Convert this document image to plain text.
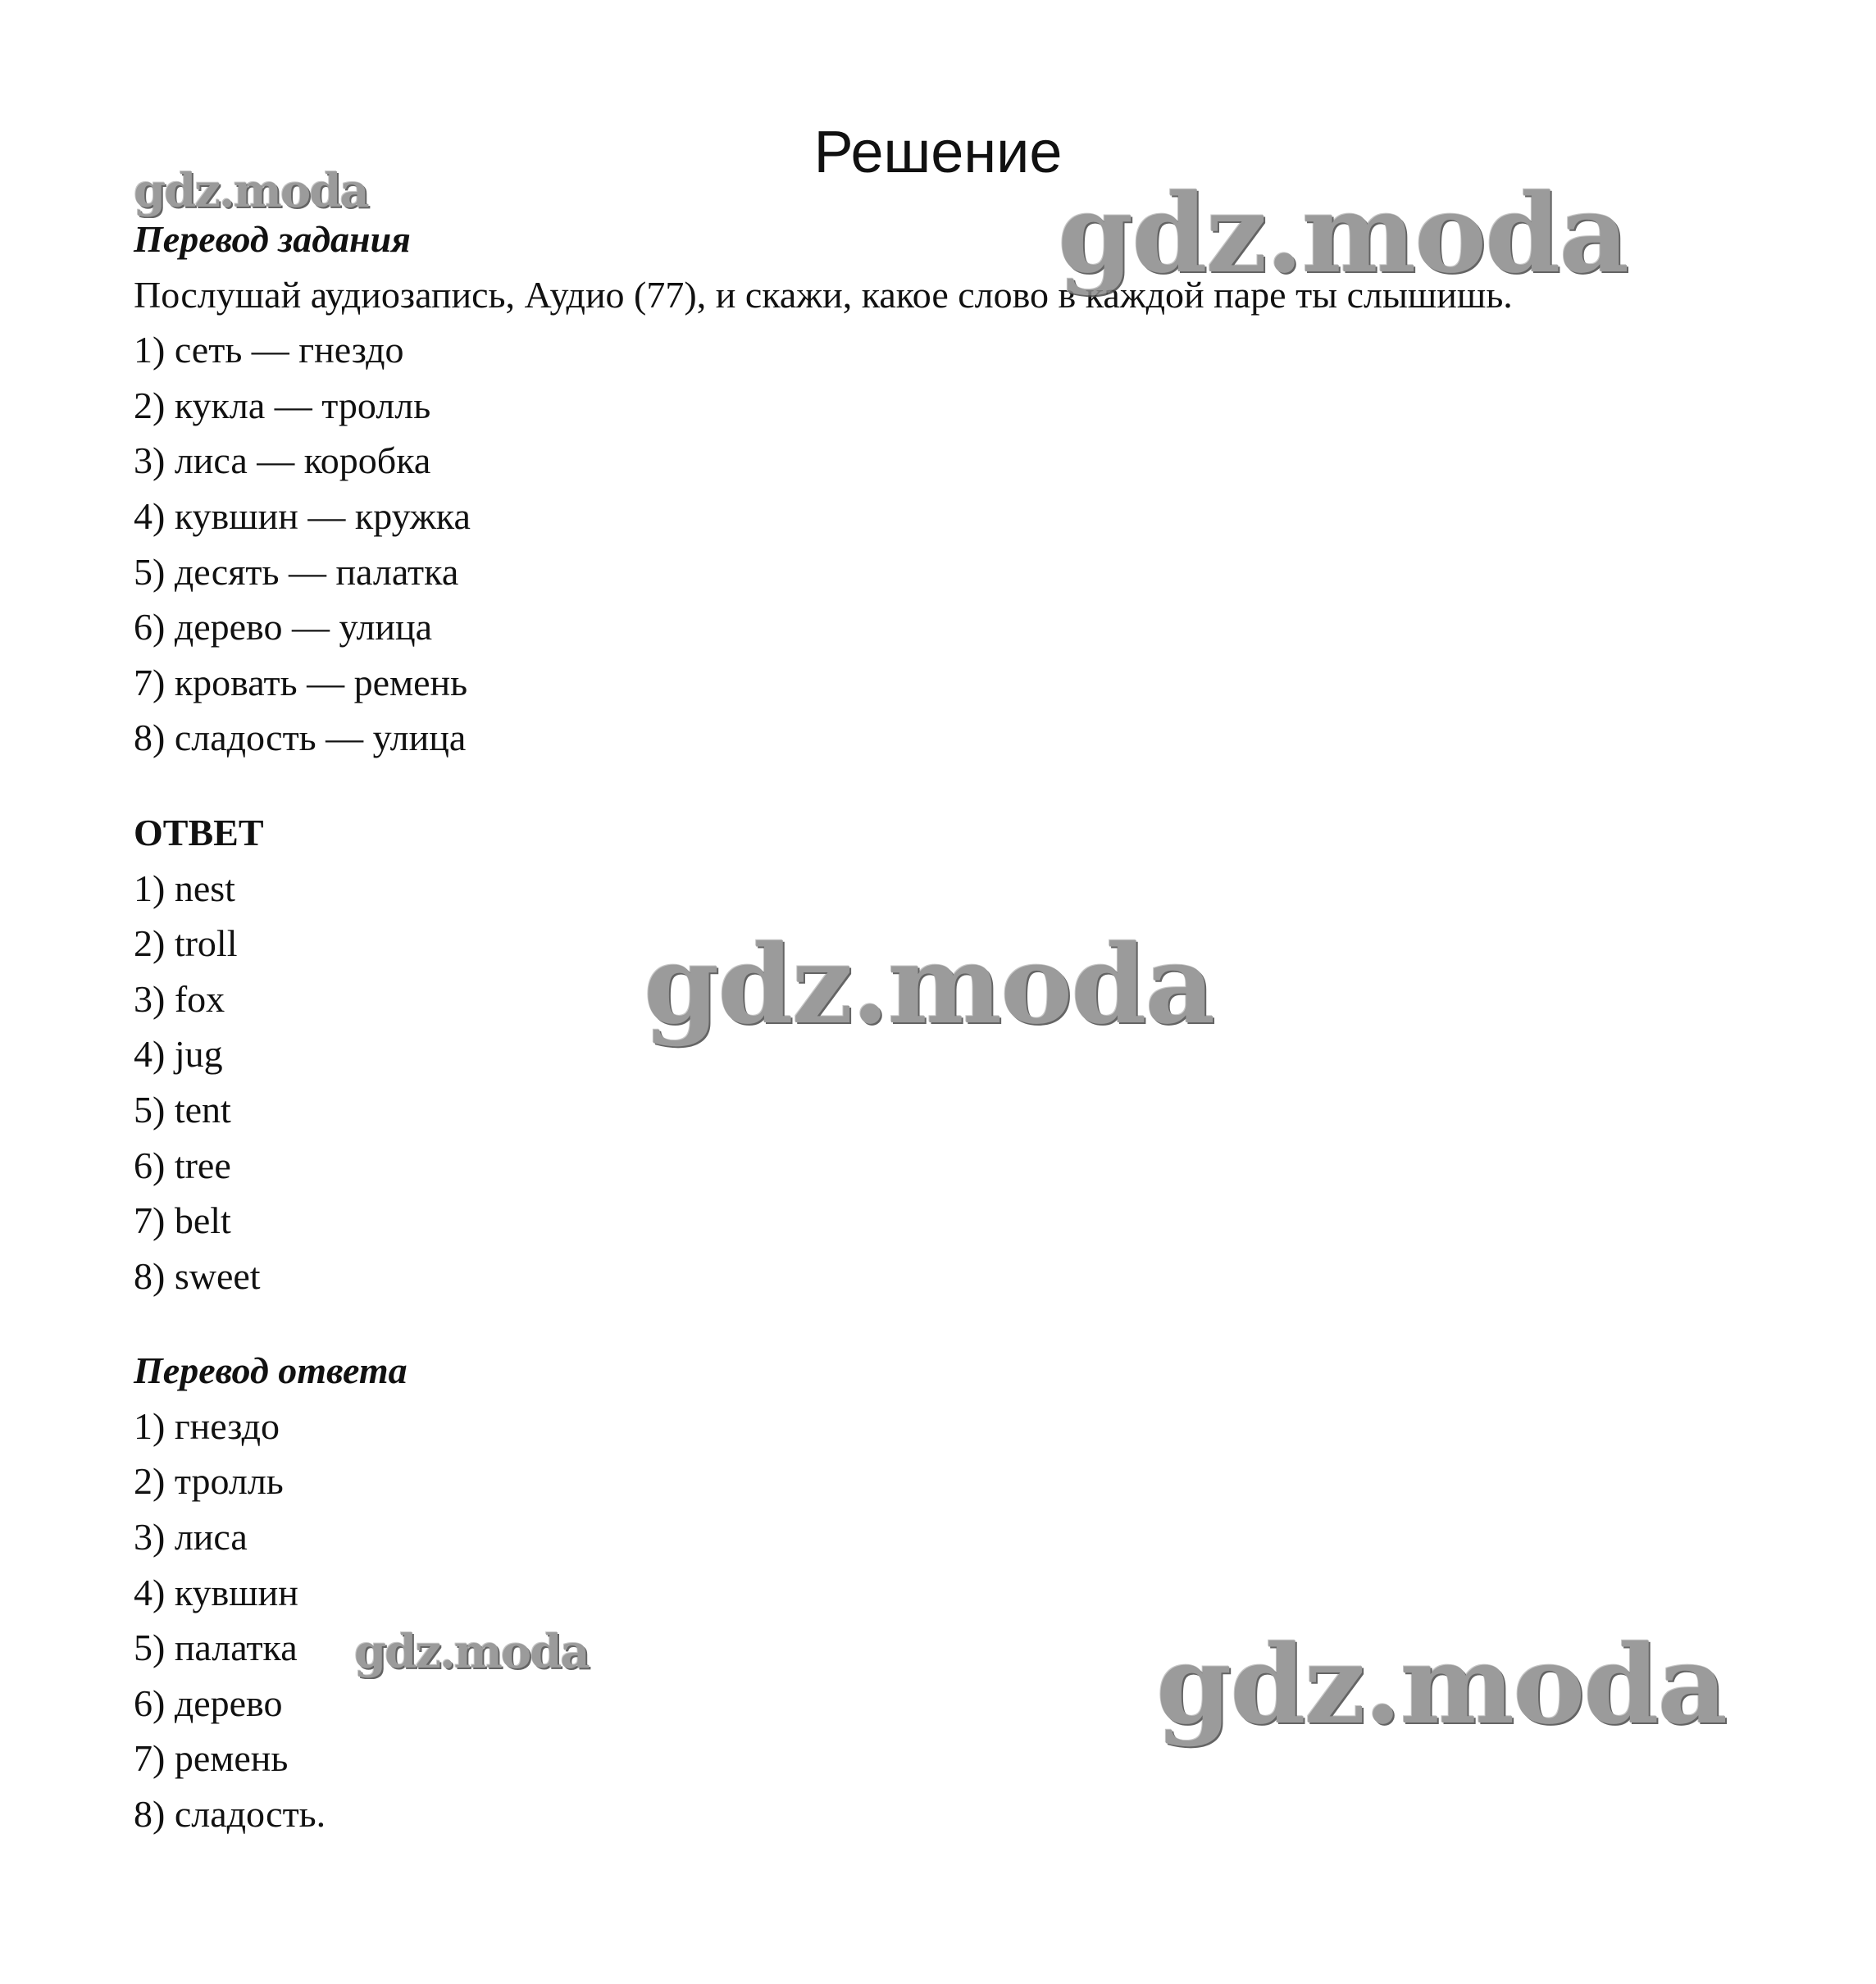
Решение
Перевод задания
Послушай аудиозапись, Аудио (77), и скажи, какое слово в каждой паре ты слышишь.
1) сеть — гнездо
2) кукла — тролль
3) лиса — коробка
4) кувшин — кружка
5) десять — палатка
6) дерево — улица
7) кровать — ремень
8) сладость — улица
ОТВЕТ
1) nest
2) troll
3) fox
4) jug
5) tent
6) tree
7) belt
8) sweet
Перевод ответа
1) гнездо
2) тролль
3) лиса
4) кувшин
5) палатка
6) дерево
7) ремень
8) сладость.
gdz.moda	gdz.moda
gdz.moda
gdz.moda	gdz.moda
